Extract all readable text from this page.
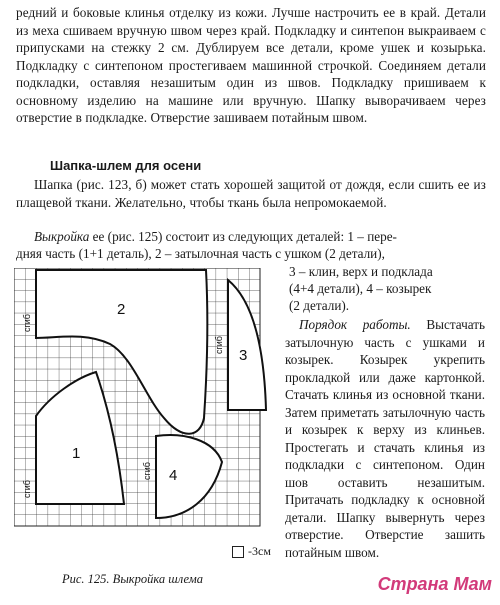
редний и боковые клинья отделку из кожи. Лучше настрочить ее в край. Детали из меха сшиваем вручную швом через край. Подкладку и синтепон выкраиваем с припусками на стежку 2 см. Дублируем все детали, кроме ушек и козырька. Подкладку с синтепоном простегиваем машинной строчкой. Соединяем детали подкладки, оставляя незашитым один из швов. Подкладку пришиваем к основному изделию на машине или вручную. Шапку выворачиваем через отверстие в подкладке. Отверстие зашиваем потайным швом.

Шапка-шлем для осени

Шапка (рис. 123, б) может стать хорошей защитой от дождя, если сшить ее из плащевой ткани. Желательно, чтобы ткань была непромокаемой.

Выкройка ее (рис. 125) состоит из следующих деталей: 1 – пере-

дняя часть (1+1 деталь), 2 – затылочная часть с ушком (2 детали),

3 – клин, верх и подклада

(4+4 детали), 4 – козырек

(2 детали).

Порядок работы. Выстачать затылочную часть с ушками и козырек. Козырек укрепить прокладкой или даже картонкой. Стачать клинья из основной ткани. Затем приметать затылочную часть и козырек к верху из клиньев. Простегать и стачать клинья из подкладки с синтепоном. Один шов оставить незашитым. Притачать подкладку к основной детали. Шапку вывернуть через отверстие. Отверстие зашить потайным швом.

2
3
1
4
сгиб
сгиб
сгиб
сгиб
-3см

Рис. 125. Выкройка шлема	Страна Мам
